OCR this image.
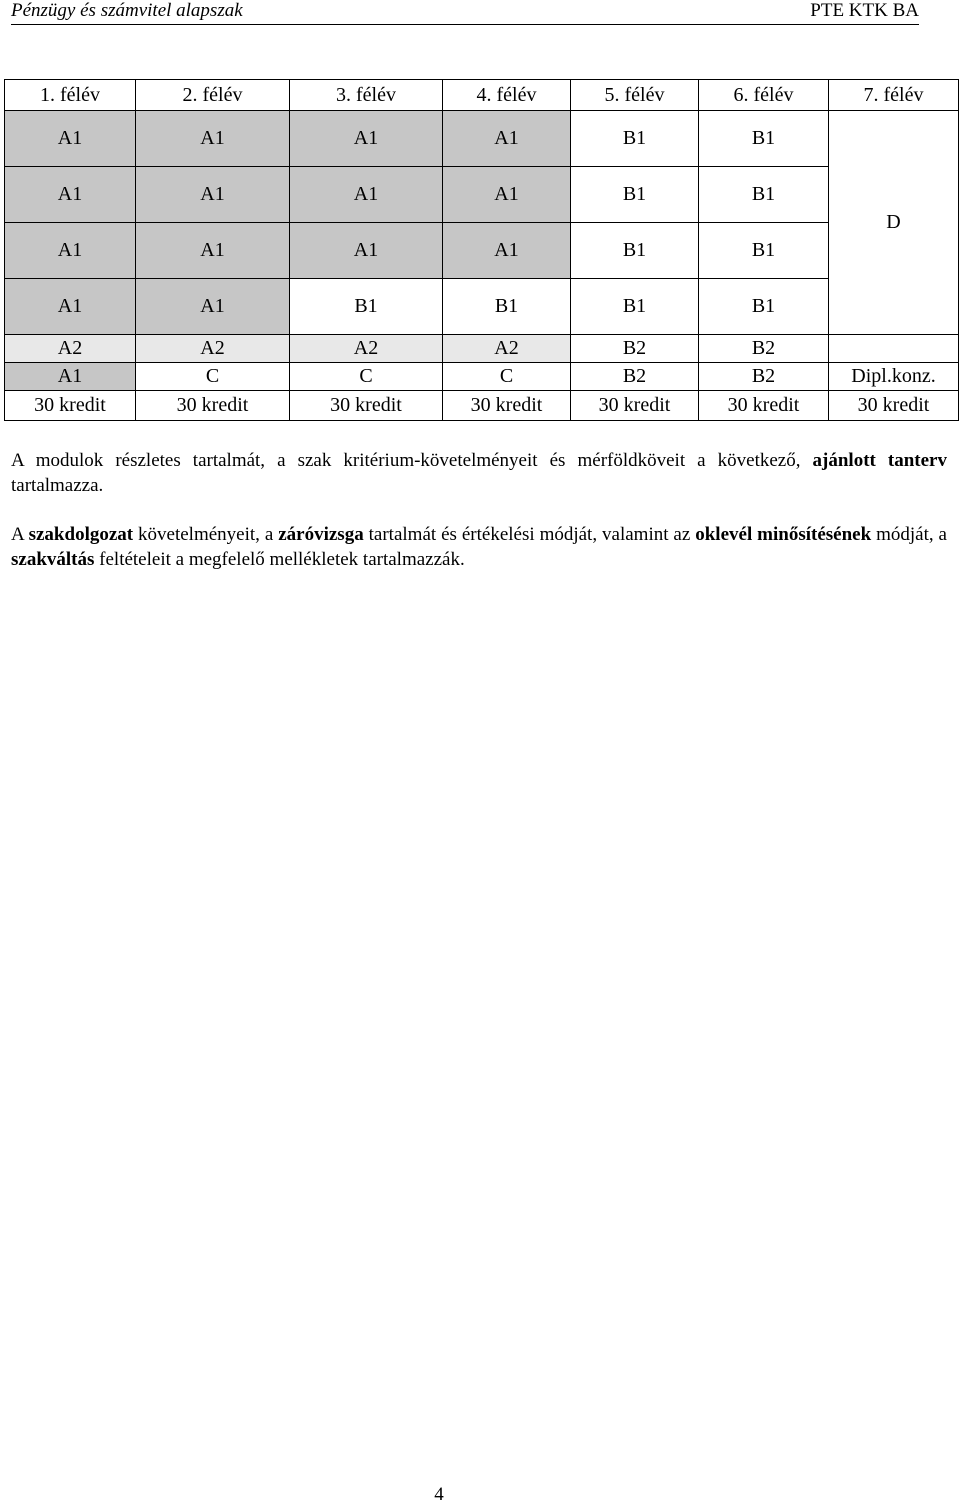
Pénzügy és számvitel alapszak	PTE KTK BA
1. félév	2. félév	3. félév	4. félév	5. félév	6. félév	7. félév
A1	A1	A1	A1	B1	B1	D
A1	A1	A1	A1	B1	B1	
A1	A1	A1	A1	B1	B1	
A1	A1	B1	B1	B1	B1	
A2	A2	A2	A2	B2	B2	
A1	C	C	C	B2	B2	Dipl.konz.
30 kredit	30 kredit	30 kredit	30 kredit	30 kredit	30 kredit	30 kredit
A modulok részletes tartalmát, a szak kritérium-követelményeit és mérföldköveit a következő, ajánlott tanterv tartalmazza.
A szakdolgozat követelményeit, a záróvizsga tartalmát és értékelési módját, valamint az oklevél minősítésének módját, a szakváltás feltételeit a megfelelő mellékletek tartalmazzák.
4
